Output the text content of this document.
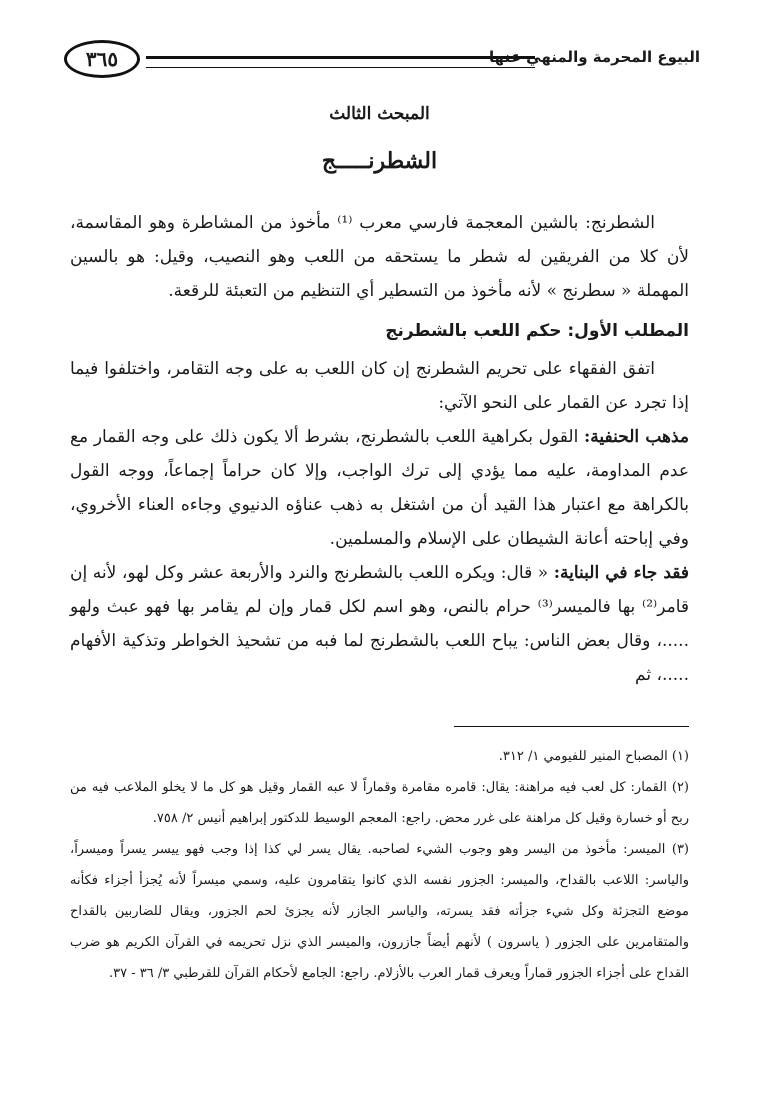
٣٦٥	البيوع المحرمة والمنهي عنها
المبحث الثالث
الشطرنـــــج

الشطرنج: بالشين المعجمة فارسي معرب ⁽¹⁾ مأخوذ من المشاطرة وهو المقاسمة، لأن كلا من الفريقين له شطر ما يستحقه من اللعب وهو النصيب، وقيل: هو بالسين المهملة « سطرنج » لأنه مأخوذ من التسطير أي التنظيم من التعبئة للرقعة.

المطلب الأول: حكم اللعب بالشطرنج

اتفق الفقهاء على تحريم الشطرنج إن كان اللعب به على وجه التقامر، واختلفوا فيما إذا تجرد عن القمار على النحو الآتي:

مذهب الحنفية: القول بكراهية اللعب بالشطرنج، بشرط ألا يكون ذلك على وجه القمار مع عدم المداومة، عليه مما يؤدي إلى ترك الواجب، وإلا كان حراماً إجماعاً، ووجه القول بالكراهة مع اعتبار هذا القيد أن من اشتغل به ذهب عناؤه الدنيوي وجاءه العناء الأخروي، وفي إباحته أعانة الشيطان على الإسلام والمسلمين.

فقد جاء في البناية: « قال: ويكره اللعب بالشطرنج والنرد والأربعة عشر وكل لهو، لأنه إن قامر⁽²⁾ بها فالميسر⁽³⁾ حرام بالنص، وهو اسم لكل قمار وإن لم يقامر بها فهو عبث ولهو .....، وقال بعض الناس: يباح اللعب بالشطرنج لما فبه من تشحيذ الخواطر وتذكية الأفهام .....، ثم

(١) المصباح المنير للفيومي ١/ ٣١٢.

(٢) القمار: كل لعب فيه مراهنة: يقال: قامره مقامرة وقماراً لا عبه القمار وقيل هو كل ما لا يخلو الملاعب فيه من ربح أو خسارة وقيل كل مراهنة على غرر محض. راجع: المعجم الوسيط للدكتور إبراهيم أنيس ٢/ ٧٥٨.

(٣) الميسر: مأخوذ من اليسر وهو وجوب الشيء لصاحبه. يقال يسر لي كذا إذا وجب فهو ييسر يسراً وميسراً، والياسر: اللاعب بالقداح، والميسر: الجزور نفسه الذي كانوا يتقامرون عليه، وسمي ميسراً لأنه يُجزأ أجزاء فكأنه موضع التجزئة وكل شيء جزأته فقد يسرته، والياسر الجازر لأنه يجزئ لحم الجزور، ويقال للضاربين بالقداح والمتقامرين على الجزور ( ياسرون ) لأنهم أيضاً جازرون، والميسر الذي نزل تحريمه في القرآن الكريم هو ضرب القداح على أجزاء الجزور قماراً ويعرف قمار العرب بالأزلام. راجع: الجامع لأحكام القرآن للقرطبي ٣/ ٣٦ - ٣٧.
